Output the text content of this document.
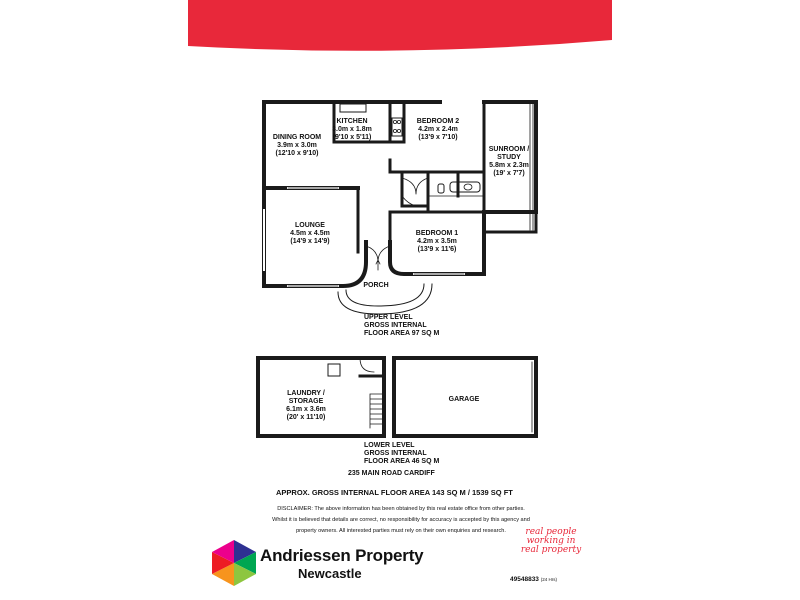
KITCHEN
3.0m x 1.8m
(9'10 x 5'11)
DINING ROOM
3.9m x 3.0m
(12'10 x 9'10)
BEDROOM 2
4.2m x 2.4m
(13'9 x 7'10)
SUNROOM /
STUDY
5.8m x 2.3m
(19' x 7'7)
LOUNGE
4.5m x 4.5m
(14'9 x 14'9)
BEDROOM 1
4.2m x 3.5m
(13'9 x 11'6)
PORCH
UPPER LEVEL
GROSS INTERNAL
FLOOR AREA 97 SQ M
LAUNDRY /
STORAGE
6.1m x 3.6m
(20' x 11'10)
GARAGE
LOWER LEVEL
GROSS INTERNAL
FLOOR AREA 46 SQ M
235 MAIN ROAD CARDIFF
APPROX. GROSS INTERNAL FLOOR AREA 143 SQ M / 1539 SQ FT
DISCLAIMER: The above information has been obtained by this real estate office from other parties.
Whilst it is believed that details are correct, no responsibility for accuracy is accepted by this agency and
property owners. All interested parties must rely on their own enquiries and research.
Andriessen Property
Newcastle
real people
working in
real property
49548833 (24 Hrs)
